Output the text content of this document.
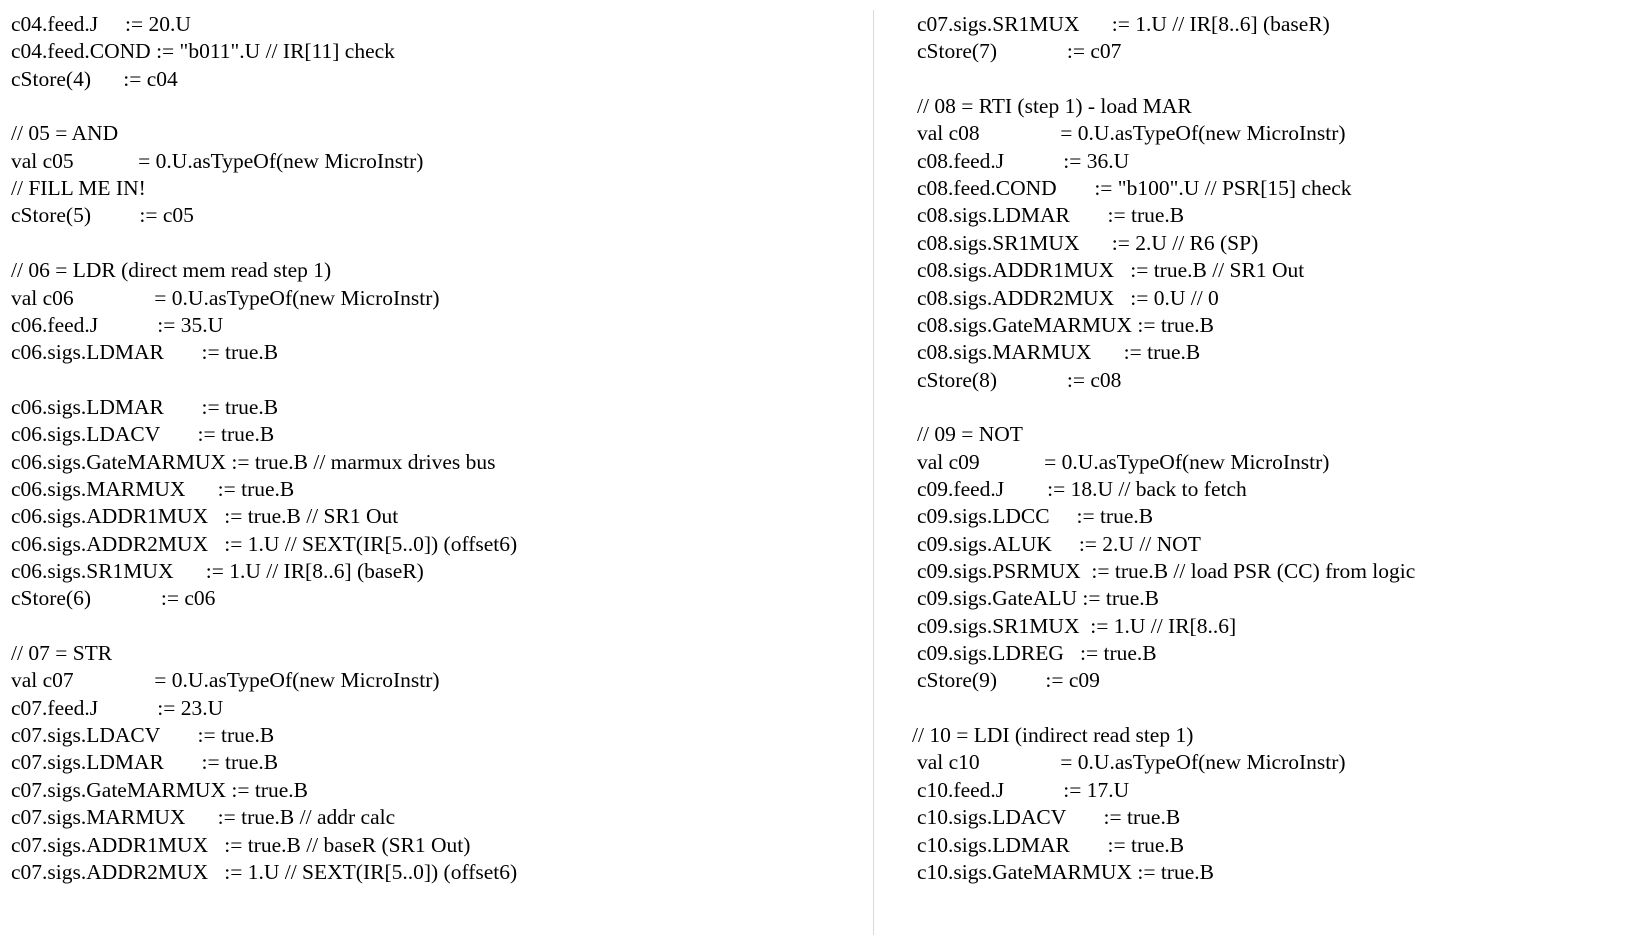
c04.feed.J     := 20.U
c04.feed.COND := "b011".U // IR[11] check
cStore(4)      := c04
// 05 = AND
val c05            = 0.U.asTypeOf(new MicroInstr)
// FILL ME IN!
cStore(5)         := c05
// 06 = LDR (direct mem read step 1)
val c06               = 0.U.asTypeOf(new MicroInstr)
c06.feed.J           := 35.U
c06.sigs.LDMAR       := true.B
c06.sigs.LDMAR       := true.B
c06.sigs.LDACV       := true.B
c06.sigs.GateMARMUX := true.B // marmux drives bus
c06.sigs.MARMUX      := true.B
c06.sigs.ADDR1MUX   := true.B // SR1 Out
c06.sigs.ADDR2MUX   := 1.U // SEXT(IR[5..0]) (offset6)
c06.sigs.SR1MUX      := 1.U // IR[8..6] (baseR)
cStore(6)             := c06
// 07 = STR
val c07               = 0.U.asTypeOf(new MicroInstr)
c07.feed.J           := 23.U
c07.sigs.LDACV       := true.B
c07.sigs.LDMAR       := true.B
c07.sigs.GateMARMUX := true.B
c07.sigs.MARMUX      := true.B // addr calc
c07.sigs.ADDR1MUX   := true.B // baseR (SR1 Out)
c07.sigs.ADDR2MUX   := 1.U // SEXT(IR[5..0]) (offset6)
c07.sigs.SR1MUX      := 1.U // IR[8..6] (baseR)
cStore(7)             := c07
// 08 = RTI (step 1) - load MAR
val c08               = 0.U.asTypeOf(new MicroInstr)
c08.feed.J           := 36.U
c08.feed.COND       := "b100".U // PSR[15] check
c08.sigs.LDMAR       := true.B
c08.sigs.SR1MUX      := 2.U // R6 (SP)
c08.sigs.ADDR1MUX   := true.B // SR1 Out
c08.sigs.ADDR2MUX   := 0.U // 0
c08.sigs.GateMARMUX := true.B
c08.sigs.MARMUX      := true.B
cStore(8)             := c08
// 09 = NOT
val c09            = 0.U.asTypeOf(new MicroInstr)
c09.feed.J        := 18.U // back to fetch
c09.sigs.LDCC     := true.B
c09.sigs.ALUK     := 2.U // NOT
c09.sigs.PSRMUX  := true.B // load PSR (CC) from logic
c09.sigs.GateALU := true.B
c09.sigs.SR1MUX  := 1.U // IR[8..6]
c09.sigs.LDREG   := true.B
cStore(9)         := c09
// 10 = LDI (indirect read step 1)
val c10               = 0.U.asTypeOf(new MicroInstr)
c10.feed.J           := 17.U
c10.sigs.LDACV       := true.B
c10.sigs.LDMAR       := true.B
c10.sigs.GateMARMUX := true.B
